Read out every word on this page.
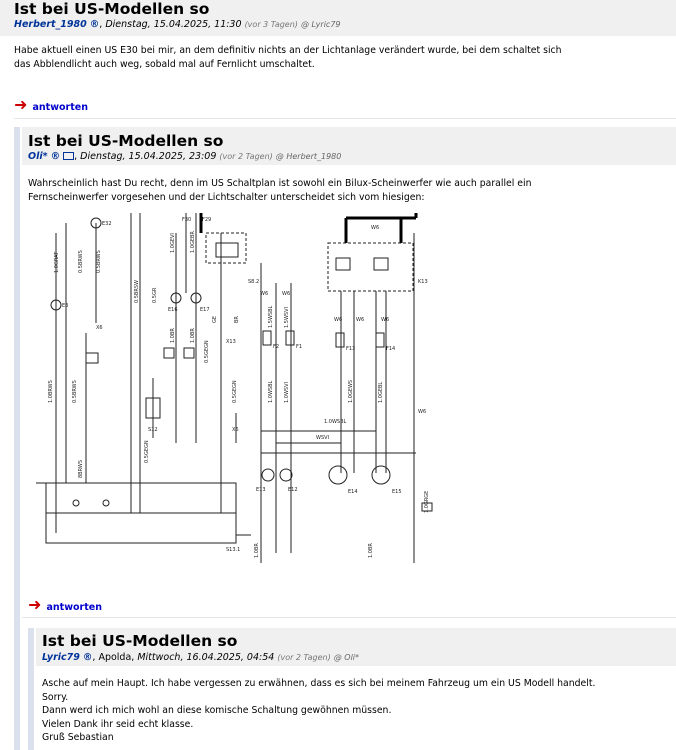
Ist bei US-Modellen so
Herbert_1980 ®, Dienstag, 15.04.2025, 11:30 (vor 3 Tagen) @ Lyric79
Habe aktuell einen US E30 bei mir, an dem definitiv nichts an der Lichtanlage verändert wurde, bei dem schaltet sich
das Abblendlicht auch weg, sobald mal auf Fernlicht umschaltet.
➜ antworten
Ist bei US-Modellen so
Oli* ® , Dienstag, 15.04.2025, 23:09 (vor 2 Tagen) @ Herbert_1980
Wahrscheinlich hast Du recht, denn im US Schaltplan ist sowohl ein Bilux-Scheinwerfer wie auch parallel ein
Fernscheinwerfer vorgesehen und der Lichtschalter unterscheidet sich vom hiesigen:
E32
E3
X6
X6
F30 F29
E16	E17
S8.2
X13
S12
S13.1
W6	W6
W6	W6	W6
W6
W6
K13
F2	F1	F13	F14
E13	E12	E14	E15
1.0WSBL
WSVI
1.0GRAT	0.5BRWS 0.5BRWS
0.5BRSW 0.5GR
1.0GEVI	1.0GEBR
1.0BR	1.0BR
GE	BR
0.5GEGN
0.5GEGN
1.0BRWS	0.5BRWS
0.5GEGN
1.0WSBL 1.0WSVI	1.0GEWS	1.0GEBL
1.0GRGE
1.0BR	1.0BR
8BRWS
1.5WSVI
1.5WSBL
➜ antworten
Ist bei US-Modellen so
Lyric79 ®, Apolda, Mittwoch, 16.04.2025, 04:54 (vor 2 Tagen) @ Oli*
Asche auf mein Haupt. Ich habe vergessen zu erwähnen, dass es sich bei meinem Fahrzeug um ein US Modell handelt.
Sorry.
Dann werd ich mich wohl an diese komische Schaltung gewöhnen müssen.
Vielen Dank ihr seid echt klasse.
Gruß Sebastian
